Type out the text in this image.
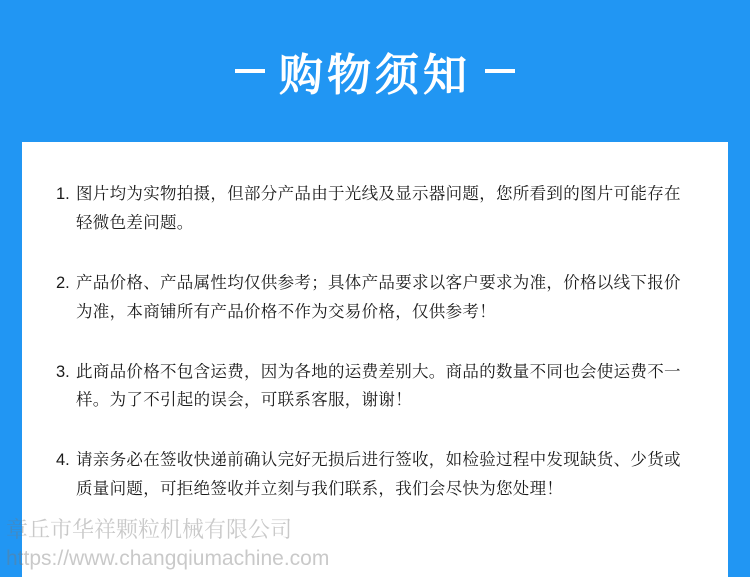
购物须知
1. 图片均为实物拍摄，但部分产品由于光线及显示器问题，您所看到的图片可能存在轻微色差问题。
2. 产品价格、产品属性均仅供参考；具体产品要求以客户要求为准，价格以线下报价为准，本商铺所有产品价格不作为交易价格，仅供参考！
3. 此商品价格不包含运费，因为各地的运费差别大。商品的数量不同也会使运费不一样。为了不引起的误会，可联系客服，谢谢！
4. 请亲务必在签收快递前确认完好无损后进行签收，如检验过程中发现缺货、少货或质量问题，可拒绝签收并立刻与我们联系，我们会尽快为您处理！
章丘市华祥颗粒机械有限公司
https://www.changqiumachine.com
